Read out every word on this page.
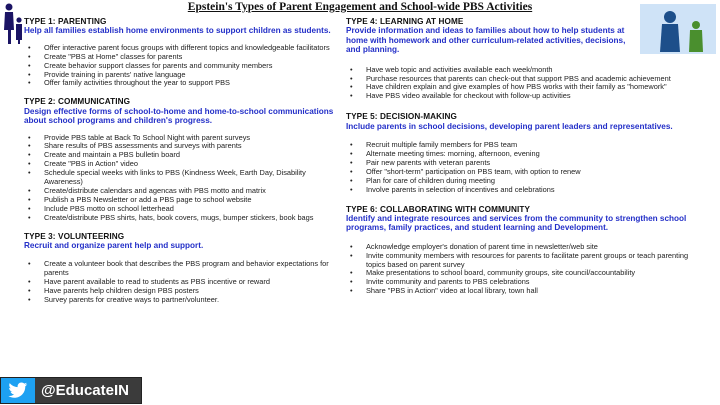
Epstein's Types of Parent Engagement and School-wide PBS Activities
TYPE 1: PARENTING
Help all families establish home environments to support children as students.
• Offer interactive parent focus groups with different topics and knowledgeable facilitators
• Create "PBS at Home" classes for parents
• Create behavior support classes for parents and community members
• Provide training in parents' native language
• Offer family activities throughout the year to support PBS
TYPE 2: COMMUNICATING
Design effective forms of school-to-home and home-to-school communications about school programs and children's progress.
• Provide PBS table at Back To School Night with parent surveys
• Share results of PBS assessments and surveys with parents
• Create and maintain a PBS bulletin board
• Create "PBS in Action" video
• Schedule special weeks with links to PBS (Kindness Week, Earth Day, Disability Awareness)
• Create/distribute calendars and agencas with PBS motto and matrix
• Publish a PBS Newsletter or add a PBS page to school website
• Include PBS motto on school letterhead
• Create/distribute PBS shirts, hats, book covers, mugs, bumper stickers, book bags
TYPE 3: VOLUNTEERING
Recruit and organize parent help and support.
• Create a volunteer book that describes the PBS program and behavior expectations for parents
• Have parent available to read to students as PBS incentive or reward
• Have parents help children design PBS posters
• Survey parents for creative ways to partner/volunteer.
TYPE 4: LEARNING AT HOME
Provide information and ideas to families about how to help students at home with homework and other curriculum-related activities, decisions, and planning.
• Have web topic and activities available each week/month
• Purchase resources that parents can check-out that support PBS and academic achievement
• Have children explain and give examples of how PBS works with their family as "homework"
• Have PBS video available for checkout with follow-up activities
TYPE 5: DECISION-MAKING
Include parents in school decisions, developing parent leaders and representatives.
• Recruit multiple family members for PBS team
• Alternate meeting times: morning, afternoon, evening
• Pair new parents with veteran parents
• Offer "short-term" participation on PBS team, with option to renew
• Plan for care of children during meeting
• Involve parents in selection of incentives and celebrations
TYPE 6: COLLABORATING WITH COMMUNITY
Identify and integrate resources and services from the community to strengthen school programs, family practices, and student learning and Development.
• Acknowledge employer's donation of parent time in newsletter/web site
• Invite community members with resources for parents to facilitate parent groups or teach parenting topics based on parent survey
• Make presentations to school board, community groups, site council/accountability
• Invite community and parents to PBS celebrations
• Share "PBS in Action" video at local library, town hall
@EducateIN
